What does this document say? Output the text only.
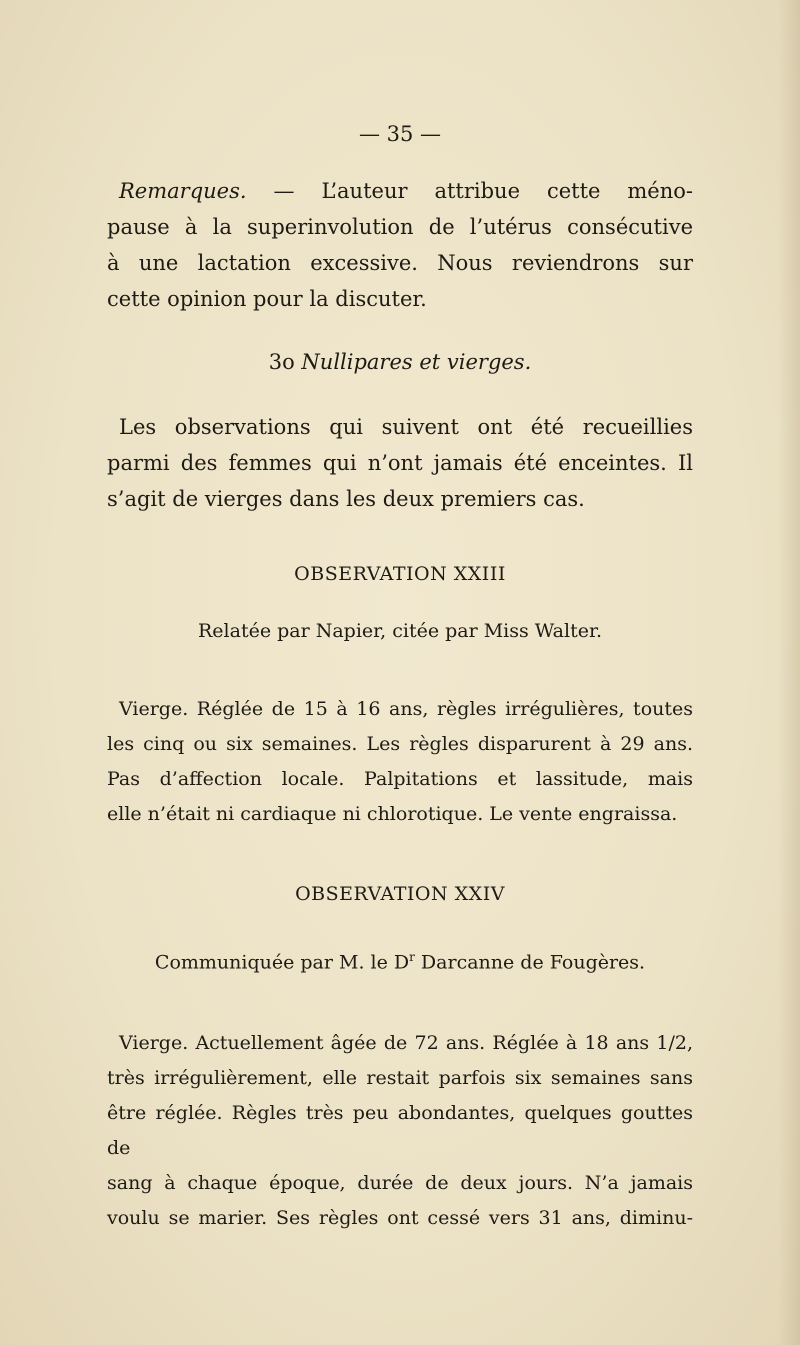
— 35 —

Remarques. — L’auteur attribue cette méno-
pause à la superinvolution de l’utérus consécutive
à une lactation excessive. Nous reviendrons sur
cette opinion pour la discuter.

3o Nullipares et vierges.

Les observations qui suivent ont été recueillies
parmi des femmes qui n’ont jamais été enceintes. Il
s’agit de vierges dans les deux premiers cas.

OBSERVATION XXIII
Relatée par Napier, citée par Miss Walter.

Vierge. Réglée de 15 à 16 ans, règles irrégulières, toutes
les cinq ou six semaines. Les règles disparurent à 29 ans.
Pas d’affection locale. Palpitations et lassitude, mais
elle n’était ni cardiaque ni chlorotique. Le vente engraissa.

OBSERVATION XXIV
Communiquée par M. le $D^r$ Darcanne de Fougères.

Vierge. Actuellement âgée de 72 ans. Réglée à 18 ans 1/2,
très irrégulièrement, elle restait parfois six semaines sans
être réglée. Règles très peu abondantes, quelques gouttes de
sang à chaque époque, durée de deux jours. N’a jamais
voulu se marier. Ses règles ont cessé vers 31 ans, diminu-
